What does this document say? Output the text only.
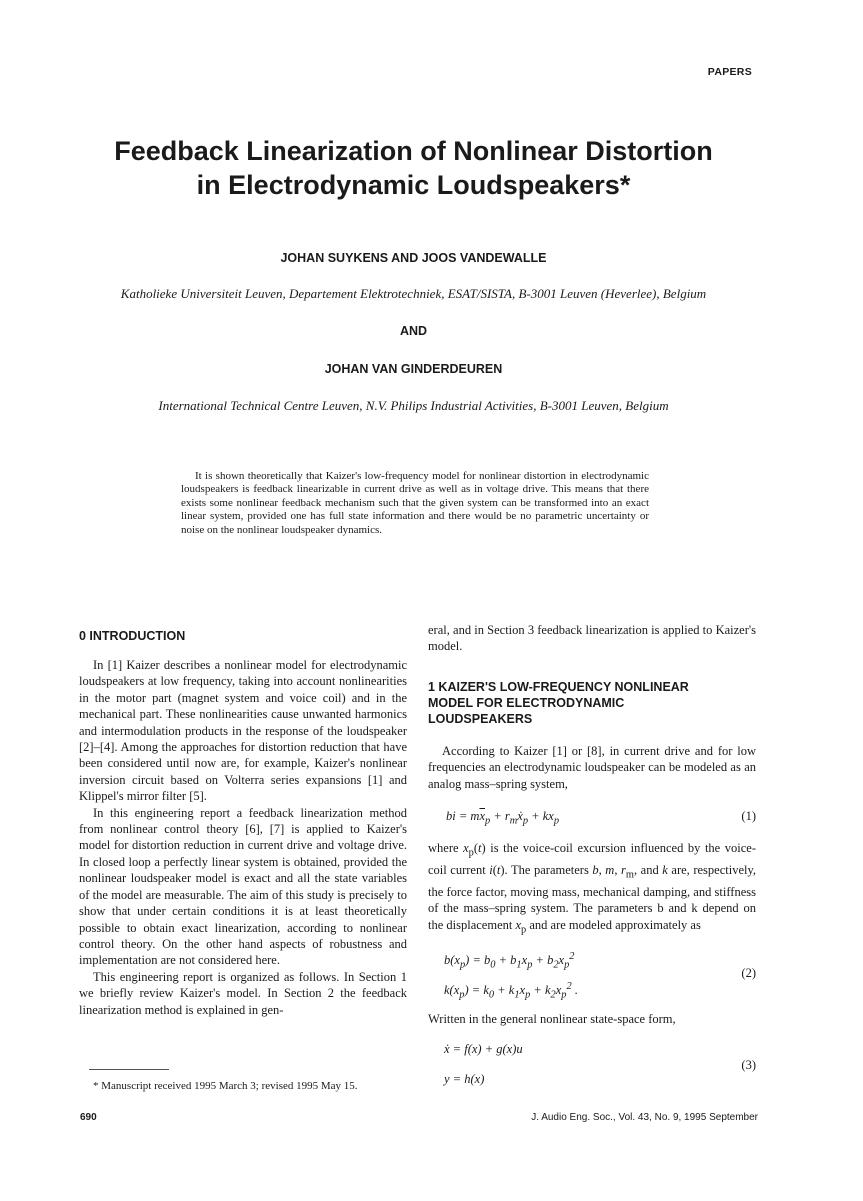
PAPERS
Feedback Linearization of Nonlinear Distortion
in Electrodynamic Loudspeakers*
JOHAN SUYKENS AND JOOS VANDEWALLE
Katholieke Universiteit Leuven, Departement Elektrotechniek, ESAT/SISTA, B-3001 Leuven (Heverlee), Belgium
AND
JOHAN VAN GINDERDEUREN
International Technical Centre Leuven, N.V. Philips Industrial Activities, B-3001 Leuven, Belgium
It is shown theoretically that Kaizer's low-frequency model for nonlinear distortion in electrodynamic loudspeakers is feedback linearizable in current drive as well as in voltage drive. This means that there exists some nonlinear feedback mechanism such that the given system can be transformed into an exact linear system, provided one has full state information and there would be no parametric uncertainty or noise on the nonlinear loudspeaker dynamics.
0 INTRODUCTION

In [1] Kaizer describes a nonlinear model for electrodynamic loudspeakers at low frequency, taking into account nonlinearities in the motor part (magnet system and voice coil) and in the mechanical part. These nonlinearities cause unwanted harmonics and intermodulation products in the response of the loudspeaker [2]–[4]. Among the approaches for distortion reduction that have been considered until now are, for example, Kaizer's nonlinear inversion circuit based on Volterra series expansions [1] and Klippel's mirror filter [5].

In this engineering report a feedback linearization method from nonlinear control theory [6], [7] is applied to Kaizer's model for distortion reduction in current drive and voltage drive. In closed loop a perfectly linear system is obtained, provided the nonlinear loudspeaker model is exact and all the state variables of the model are measurable. The aim of this study is precisely to show that under certain conditions it is at least theoretically possible to obtain exact linearization, according to nonlinear control theory. On the other hand aspects of robustness and implementation are not considered here.

This engineering report is organized as follows. In Section 1 we briefly review Kaizer's model. In Section 2 the feedback linearization method is explained in gen-

eral, and in Section 3 feedback linearization is applied to Kaizer's model.

1 KAIZER'S LOW-FREQUENCY NONLINEAR
MODEL FOR ELECTRODYNAMIC
LOUDSPEAKERS

According to Kaizer [1] or [8], in current drive and for low frequencies an electrodynamic loudspeaker can be modeled as an analog mass–spring system,

bi = $m\overline{x}_p$ + $r_mẋ_p + kx_p$	(1)

where $x_p(t)$ is the voice-coil excursion influenced by the voice-coil current i(t). The parameters b, m, $r_m$, and k are, respectively, the force factor, moving mass, mechanical damping, and stiffness of the mass–spring system. The parameters b and k depend on the displacement $x_p$ and are modeled approximately as

$b(x_p) = b_0 + b_1x_p + b_2x_p^2$
$k(x_p) = k_0 + k_1x_p + k_2x_p^2$ .
(2)

Written in the general nonlinear state-space form,

ẋ = f(x) + g(x)u
y = h(x)
(3)
* Manuscript received 1995 March 3; revised 1995 May 15.
690	J. Audio Eng. Soc., Vol. 43, No. 9, 1995 September
